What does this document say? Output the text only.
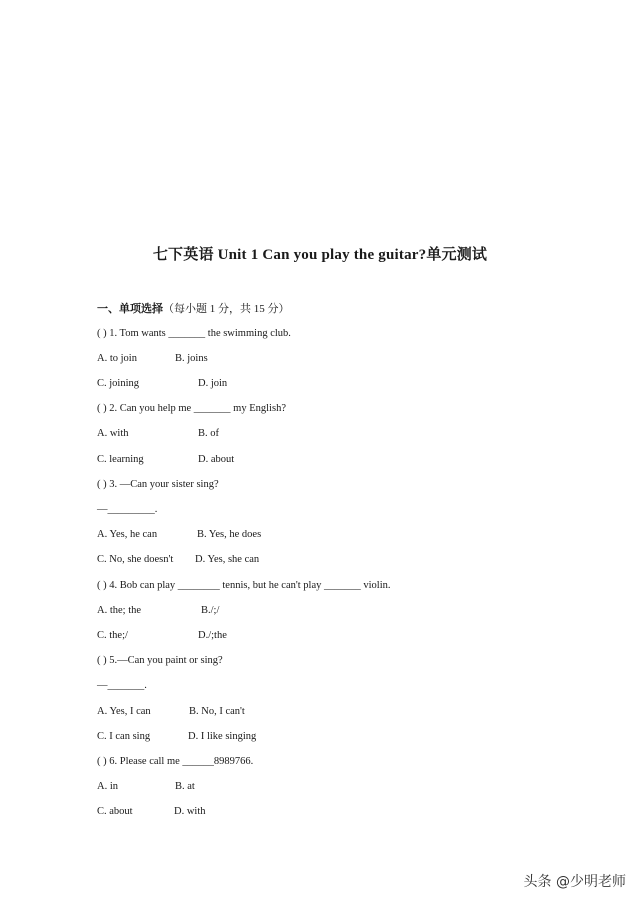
七下英语 Unit 1 Can you play the guitar?单元测试
一、单项选择（每小题 1 分，共 15 分）
( ) 1. Tom wants _______ the swimming club.
A. to join	B. joins
C. joining	D. join
( ) 2. Can you help me _______ my English?
A. with	B. of
C. learning	D. about
( ) 3. —Can your sister sing?
—_________.
A. Yes, he can	B. Yes, he does
C. No, she doesn't D. Yes, she can
( ) 4. Bob can play ________ tennis, but he can't play _______ violin.
A. the; the	B./;/
C. the;/	D./;the
( ) 5.—Can you paint or sing?
—_______.
A. Yes, I can	B. No, I can't
C. I can sing	D. I like singing
( ) 6. Please call me ______8989766.
A. in	B. at
C. about	D. with
头条 @少明老师
